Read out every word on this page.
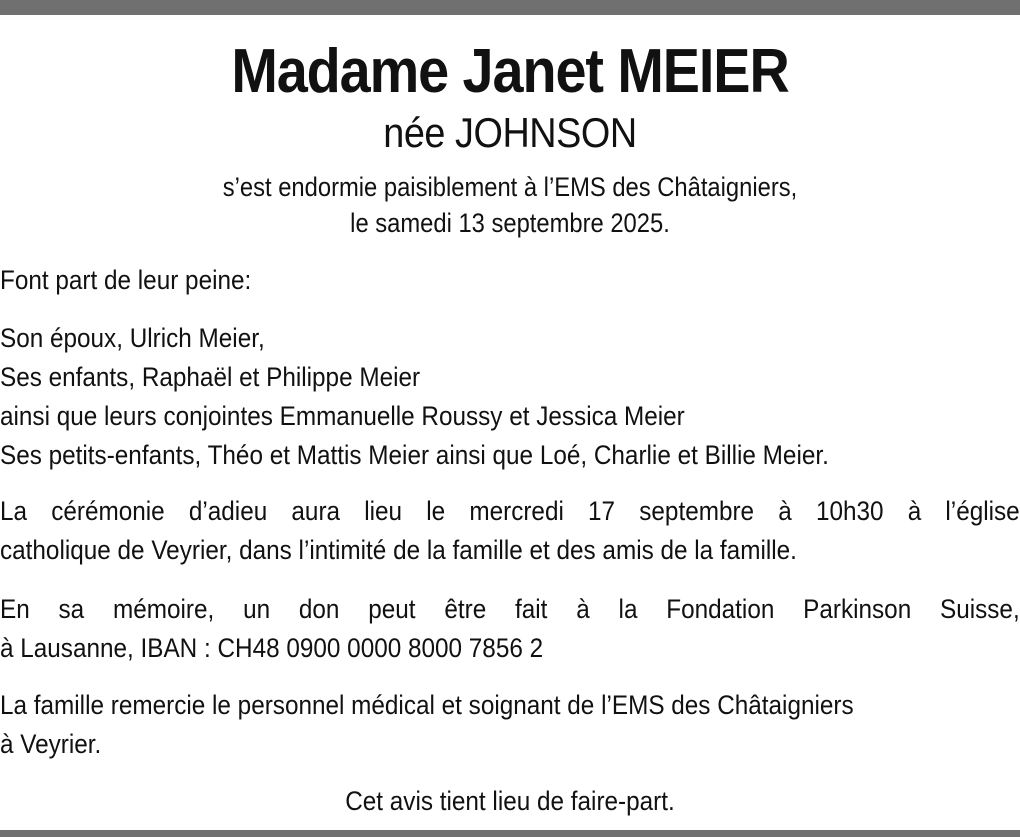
Madame Janet MEIER
née JOHNSON
s’est endormie paisiblement à l’EMS des Châtaigniers,
le samedi 13 septembre 2025.
Font part de leur peine:
Son époux, Ulrich Meier,
Ses enfants, Raphaël et Philippe Meier
ainsi que leurs conjointes Emmanuelle Roussy et Jessica Meier
Ses petits-enfants, Théo et Mattis Meier ainsi que Loé, Charlie et Billie Meier.
La cérémonie d’adieu aura lieu le mercredi 17 septembre à 10h30 à l’église
catholique de Veyrier, dans l’intimité de la famille et des amis de la famille.
En sa mémoire, un don peut être fait à la Fondation Parkinson Suisse,
à Lausanne, IBAN : CH48 0900 0000 8000 7856 2
La famille remercie le personnel médical et soignant de l’EMS des Châtaigniers
à Veyrier.
Cet avis tient lieu de faire-part.
